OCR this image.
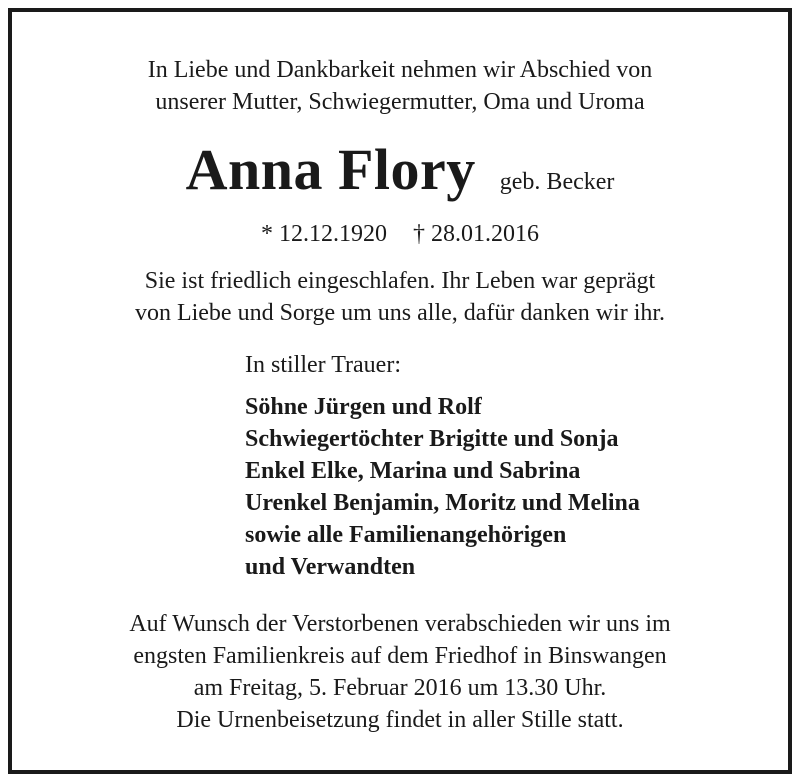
In Liebe und Dankbarkeit nehmen wir Abschied von
unserer Mutter, Schwiegermutter, Oma und Uroma
Anna Flory geb. Becker
* 12.12.1920 † 28.01.2016
Sie ist friedlich eingeschlafen. Ihr Leben war geprägt
von Liebe und Sorge um uns alle, dafür danken wir ihr.
In stiller Trauer:
Söhne Jürgen und Rolf
Schwiegertöchter Brigitte und Sonja
Enkel Elke, Marina und Sabrina
Urenkel Benjamin, Moritz und Melina
sowie alle Familienangehörigen
und Verwandten
Auf Wunsch der Verstorbenen verabschieden wir uns im
engsten Familienkreis auf dem Friedhof in Binswangen
am Freitag, 5. Februar 2016 um 13.30 Uhr.
Die Urnenbeisetzung findet in aller Stille statt.
